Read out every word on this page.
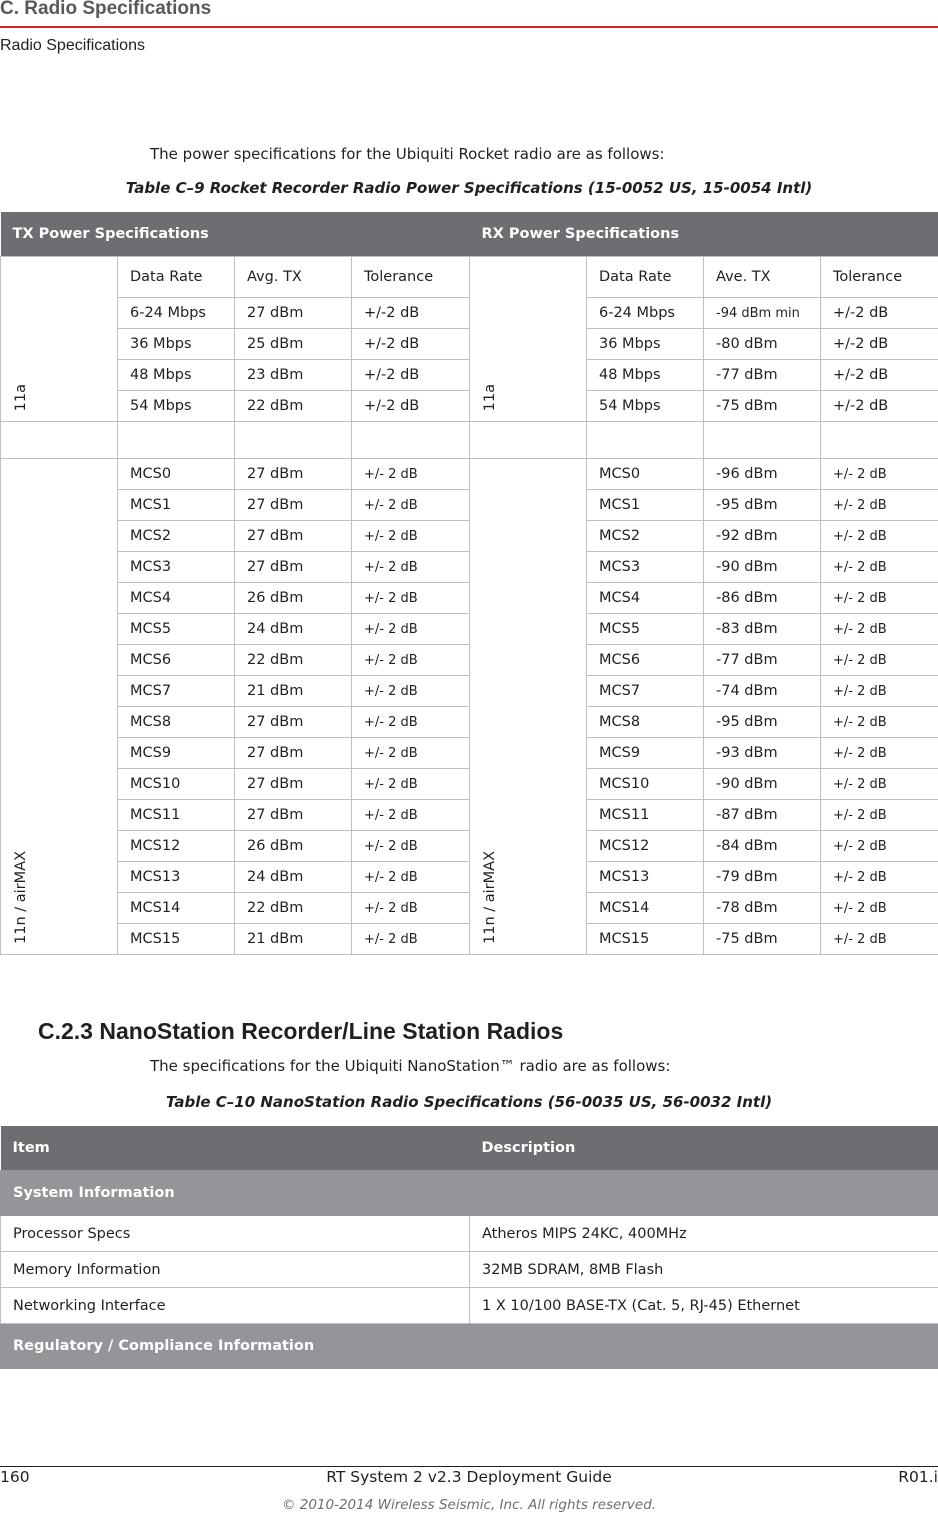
C. Radio Specifications
Radio Specifications
The power specifications for the Ubiquiti Rocket radio are as follows:
Table C–9 Rocket Recorder Radio Power Specifications (15-0052 US, 15-0054 Intl)
TX Power Specifications				RX Power Specifications			

11a	Data Rate	Avg. TX	Tolerance	11a	Data Rate	Ave. TX	Tolerance
	6-24 Mbps	27 dBm	+/-2 dB		6-24 Mbps	-94 dBm min	+/-2 dB
	36 Mbps	25 dBm	+/-2 dB		36 Mbps	-80 dBm	+/-2 dB
	48 Mbps	23 dBm	+/-2 dB		48 Mbps	-77 dBm	+/-2 dB
	54 Mbps	22 dBm	+/-2 dB		54 Mbps	-75 dBm	+/-2 dB

11n / airMAX	MCS0	27 dBm	+/- 2 dB	11n / airMAX	MCS0	-96 dBm	+/- 2 dB
	MCS1	27 dBm	+/- 2 dB		MCS1	-95 dBm	+/- 2 dB
	MCS2	27 dBm	+/- 2 dB		MCS2	-92 dBm	+/- 2 dB
	MCS3	27 dBm	+/- 2 dB		MCS3	-90 dBm	+/- 2 dB
	MCS4	26 dBm	+/- 2 dB		MCS4	-86 dBm	+/- 2 dB
	MCS5	24 dBm	+/- 2 dB		MCS5	-83 dBm	+/- 2 dB
	MCS6	22 dBm	+/- 2 dB		MCS6	-77 dBm	+/- 2 dB
	MCS7	21 dBm	+/- 2 dB		MCS7	-74 dBm	+/- 2 dB
	MCS8	27 dBm	+/- 2 dB		MCS8	-95 dBm	+/- 2 dB
	MCS9	27 dBm	+/- 2 dB		MCS9	-93 dBm	+/- 2 dB
	MCS10	27 dBm	+/- 2 dB		MCS10	-90 dBm	+/- 2 dB
	MCS11	27 dBm	+/- 2 dB		MCS11	-87 dBm	+/- 2 dB
	MCS12	26 dBm	+/- 2 dB		MCS12	-84 dBm	+/- 2 dB
	MCS13	24 dBm	+/- 2 dB		MCS13	-79 dBm	+/- 2 dB
	MCS14	22 dBm	+/- 2 dB		MCS14	-78 dBm	+/- 2 dB
	MCS15	21 dBm	+/- 2 dB		MCS15	-75 dBm	+/- 2 dB
C.2.3 NanoStation Recorder/Line Station Radios
The specifications for the Ubiquiti NanoStation™ radio are as follows:
Table C–10 NanoStation Radio Specifications (56-0035 US, 56-0032 Intl)
Item	Description
System Information	
Processor Specs	Atheros MIPS 24KC, 400MHz
Memory Information	32MB SDRAM, 8MB Flash
Networking Interface	1 X 10/100 BASE-TX (Cat. 5, RJ-45) Ethernet
Regulatory / Compliance Information	
160	RT System 2 v2.3 Deployment Guide	R01.i
© 2010-2014 Wireless Seismic, Inc. All rights reserved.
